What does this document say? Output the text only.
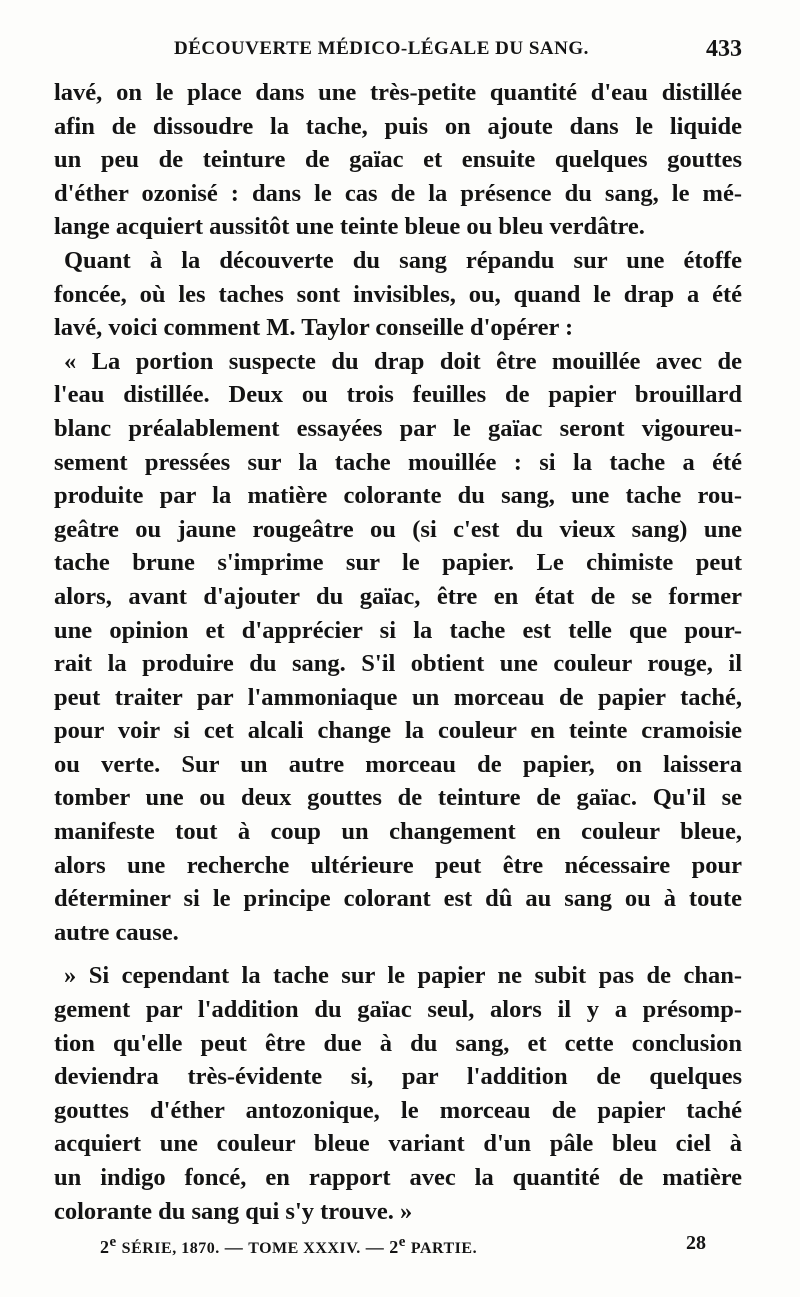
DÉCOUVERTE MÉDICO-LÉGALE DU SANG.	433

lavé, on le place dans une très-petite quantité d'eau distillée
afin de dissoudre la tache, puis on ajoute dans le liquide
un peu de teinture de gaïac et ensuite quelques gouttes
d'éther ozonisé : dans le cas de la présence du sang, le mé-
lange acquiert aussitôt une teinte bleue ou bleu verdâtre.

Quant à la découverte du sang répandu sur une étoffe
foncée, où les taches sont invisibles, ou, quand le drap a été
lavé, voici comment M. Taylor conseille d'opérer :

« La portion suspecte du drap doit être mouillée avec de
l'eau distillée. Deux ou trois feuilles de papier brouillard
blanc préalablement essayées par le gaïac seront vigoureu-
sement pressées sur la tache mouillée : si la tache a été
produite par la matière colorante du sang, une tache rou-
geâtre ou jaune rougeâtre ou (si c'est du vieux sang) une
tache brune s'imprime sur le papier. Le chimiste peut
alors, avant d'ajouter du gaïac, être en état de se former
une opinion et d'apprécier si la tache est telle que pour-
rait la produire du sang. S'il obtient une couleur rouge, il
peut traiter par l'ammoniaque un morceau de papier taché,
pour voir si cet alcali change la couleur en teinte cramoisie
ou verte. Sur un autre morceau de papier, on laissera
tomber une ou deux gouttes de teinture de gaïac. Qu'il se
manifeste tout à coup un changement en couleur bleue,
alors une recherche ultérieure peut être nécessaire pour
déterminer si le principe colorant est dû au sang ou à toute
autre cause.

» Si cependant la tache sur le papier ne subit pas de chan-
gement par l'addition du gaïac seul, alors il y a présomp-
tion qu'elle peut être due à du sang, et cette conclusion
deviendra très-évidente si, par l'addition de quelques
gouttes d'éther antozonique, le morceau de papier taché
acquiert une couleur bleue variant d'un pâle bleu ciel à
un indigo foncé, en rapport avec la quantité de matière
colorante du sang qui s'y trouve. »

2e SÉRIE, 1870. — TOME XXXIV. — 2e PARTIE.	28
